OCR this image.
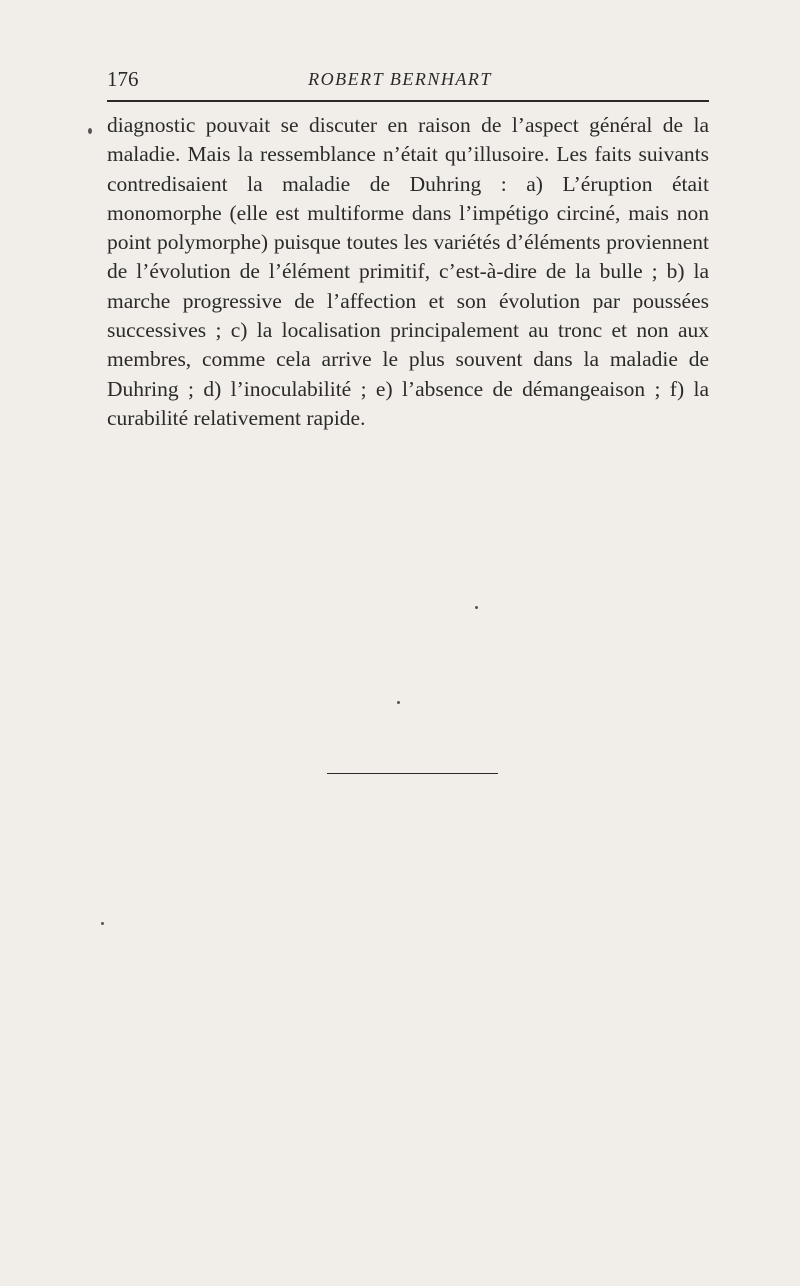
176	ROBERT BERNHART

diagnostic pouvait se discuter en raison de l’aspect général de la maladie. Mais la ressemblance n’était qu’illusoire. Les faits suivants contredisaient la maladie de Duhring : a) L’éruption était monomorphe (elle est multiforme dans l’impétigo circiné, mais non point polymorphe) puisque toutes les variétés d’éléments proviennent de l’évolution de l’élément primitif, c’est-à-dire de la bulle ; b) la marche progressive de l’affection et son évolution par poussées successives ; c) la localisation principalement au tronc et non aux membres, comme cela arrive le plus souvent dans la maladie de Duhring ; d) l’inoculabilité ; e) l’absence de démangeaison ; f) la curabilité relativement rapide.
